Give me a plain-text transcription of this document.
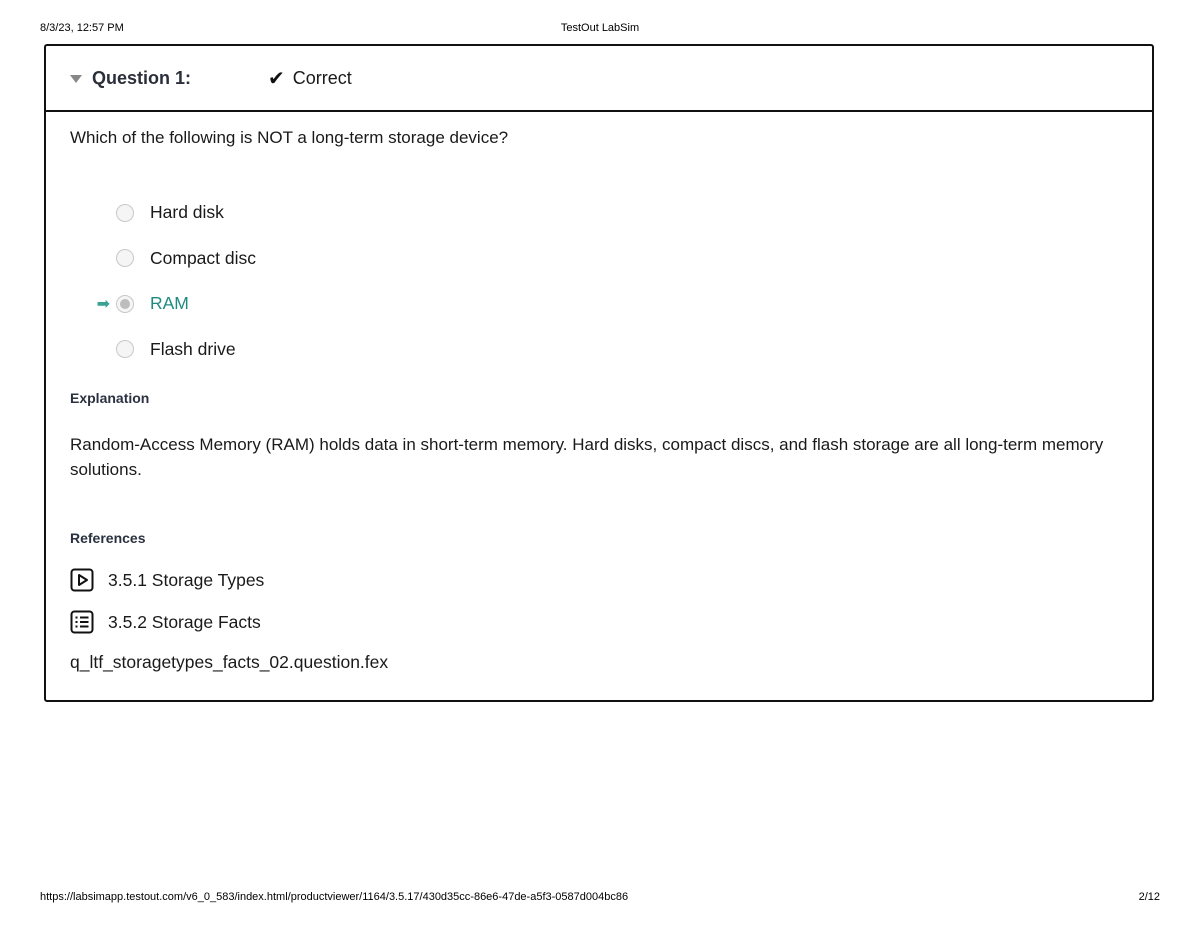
8/3/23, 12:57 PM	TestOut LabSim
Question 1:	✔ Correct
Which of the following is NOT a long-term storage device?
Hard disk
Compact disc
➡	RAM
Flash drive
Explanation
Random-Access Memory (RAM) holds data in short-term memory. Hard disks, compact discs, and flash storage are all long-term memory solutions.
References
3.5.1 Storage Types
3.5.2 Storage Facts
q_ltf_storagetypes_facts_02.question.fex
https://labsimapp.testout.com/v6_0_583/index.html/productviewer/1164/3.5.17/430d35cc-86e6-47de-a5f3-0587d004bc86	2/12
